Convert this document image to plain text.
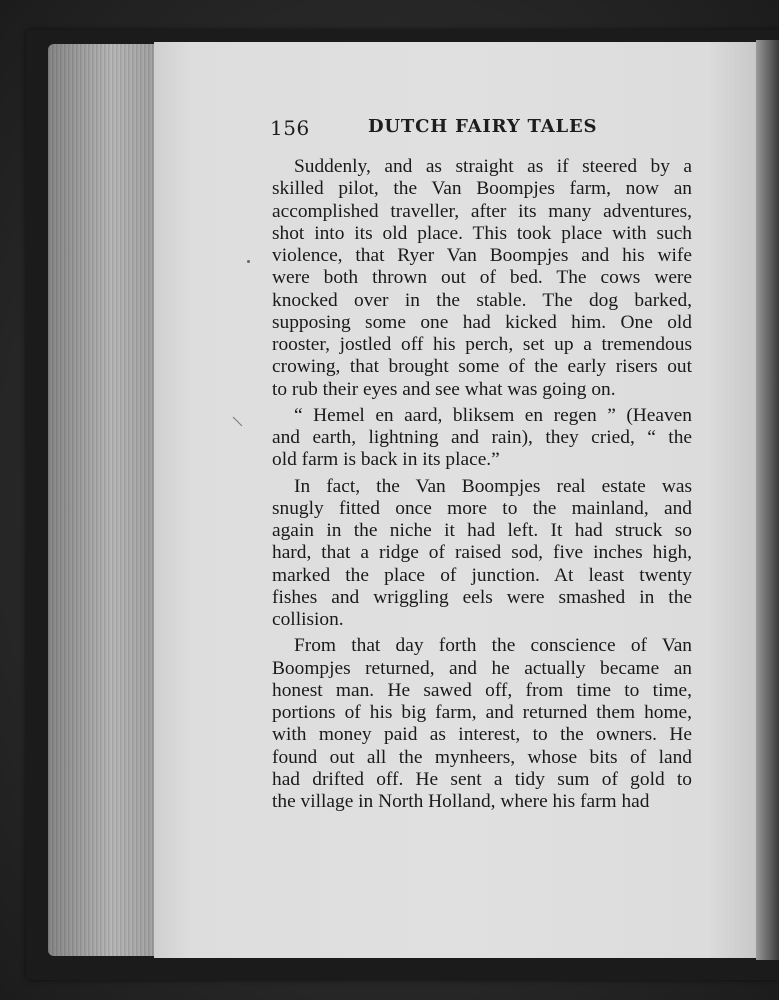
156	DUTCH FAIRY TALES
Suddenly, and as straight as if steered by a
skilled pilot, the Van Boompjes farm, now an
accomplished traveller, after its many adventures,
shot into its old place. This took place with such
violence, that Ryer Van Boompjes and his wife
were both thrown out of bed. The cows were
knocked over in the stable. The dog barked,
supposing some one had kicked him. One old
rooster, jostled off his perch, set up a tremendous
crowing, that brought some of the early risers out
to rub their eyes and see what was going on.
“ Hemel en aard, bliksem en regen ” (Heaven
and earth, lightning and rain), they cried, “ the
old farm is back in its place.”
In fact, the Van Boompjes real estate was
snugly fitted once more to the mainland, and
again in the niche it had left. It had struck so
hard, that a ridge of raised sod, five inches high,
marked the place of junction. At least twenty
fishes and wriggling eels were smashed in the
collision.
From that day forth the conscience of Van
Boompjes returned, and he actually became an
honest man. He sawed off, from time to time,
portions of his big farm, and returned them home,
with money paid as interest, to the owners. He
found out all the mynheers, whose bits of land
had drifted off. He sent a tidy sum of gold to
the village in North Holland, where his farm had
